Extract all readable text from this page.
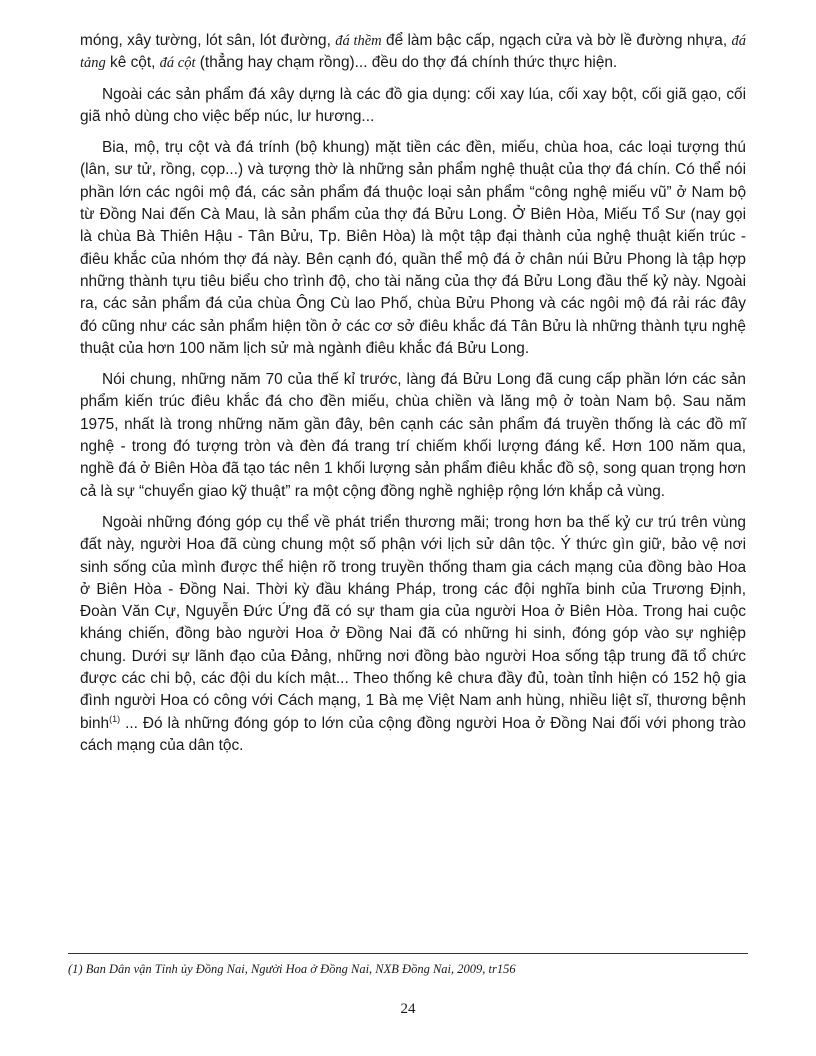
móng, xây tường, lót sân, lót đường, đá thềm để làm bậc cấp, ngạch cửa và bờ lề đường nhựa, đá tảng kê cột, đá cột (thẳng hay chạm rồng)... đều do thợ đá chính thức thực hiện.

Ngoài các sản phẩm đá xây dựng là các đồ gia dụng: cối xay lúa, cối xay bột, cối giã gạo, cối giã nhỏ dùng cho việc bếp núc, lư hương...

Bia, mộ, trụ cột và đá trính (bộ khung) mặt tiền các đền, miếu, chùa hoa, các loại tượng thú (lân, sư tử, rồng, cọp...) và tượng thờ là những sản phẩm nghệ thuật của thợ đá chín. Có thể nói phần lớn các ngôi mộ đá, các sản phẩm đá thuộc loại sản phẩm “công nghệ miếu vũ” ở Nam bộ từ Đồng Nai đến Cà Mau, là sản phẩm của thợ đá Bửu Long. Ở Biên Hòa, Miếu Tổ Sư (nay gọi là chùa Bà Thiên Hậu - Tân Bửu, Tp. Biên Hòa) là một tập đại thành của nghệ thuật kiến trúc - điêu khắc của nhóm thợ đá này. Bên cạnh đó, quần thể mộ đá ở chân núi Bửu Phong là tập hợp những thành tựu tiêu biểu cho trình độ, cho tài năng của thợ đá Bửu Long đầu thế kỷ này. Ngoài ra, các sản phẩm đá của chùa Ông Cù lao Phố, chùa Bửu Phong và các ngôi mộ đá rải rác đây đó cũng như các sản phẩm hiện tồn ở các cơ sở điêu khắc đá Tân Bửu là những thành tựu nghệ thuật của hơn 100 năm lịch sử mà ngành điêu khắc đá Bửu Long.

Nói chung, những năm 70 của thế kỉ trước, làng đá Bửu Long đã cung cấp phần lớn các sản phẩm kiến trúc điêu khắc đá cho đền miếu, chùa chiền và lăng mộ ở toàn Nam bộ. Sau năm 1975, nhất là trong những năm gần đây, bên cạnh các sản phẩm đá truyền thống là các đồ mĩ nghệ - trong đó tượng tròn và đèn đá trang trí chiếm khối lượng đáng kể. Hơn 100 năm qua, nghề đá ở Biên Hòa đã tạo tác nên 1 khối lượng sản phẩm điêu khắc đồ sộ, song quan trọng hơn cả là sự “chuyển giao kỹ thuật” ra một cộng đồng nghề nghiệp rộng lớn khắp cả vùng.

Ngoài những đóng góp cụ thể về phát triển thương mãi; trong hơn ba thế kỷ cư trú trên vùng đất này, người Hoa đã cùng chung một số phận với lịch sử dân tộc. Ý thức gìn giữ, bảo vệ nơi sinh sống của mình được thể hiện rõ trong truyền thống tham gia cách mạng của đồng bào Hoa ở Biên Hòa - Đồng Nai. Thời kỳ đầu kháng Pháp, trong các đội nghĩa binh của Trương Định, Đoàn Văn Cự, Nguyễn Đức Ứng đã có sự tham gia của người Hoa ở Biên Hòa. Trong hai cuộc kháng chiến, đồng bào người Hoa ở Đồng Nai đã có những hi sinh, đóng góp vào sự nghiệp chung. Dưới sự lãnh đạo của Đảng, những nơi đồng bào người Hoa sống tập trung đã tổ chức được các chi bộ, các đội du kích mật... Theo thống kê chưa đầy đủ, toàn tỉnh hiện có 152 hộ gia đình người Hoa có công với Cách mạng, 1 Bà mẹ Việt Nam anh hùng, nhiều liệt sĩ, thương bệnh binh$^{(1)}$ ... Đó là những đóng góp to lớn của cộng đồng người Hoa ở Đồng Nai đối với phong trào cách mạng của dân tộc.

(1) Ban Dân vận Tỉnh ủy Đồng Nai, Người Hoa ở Đồng Nai, NXB Đồng Nai, 2009, tr156
24
